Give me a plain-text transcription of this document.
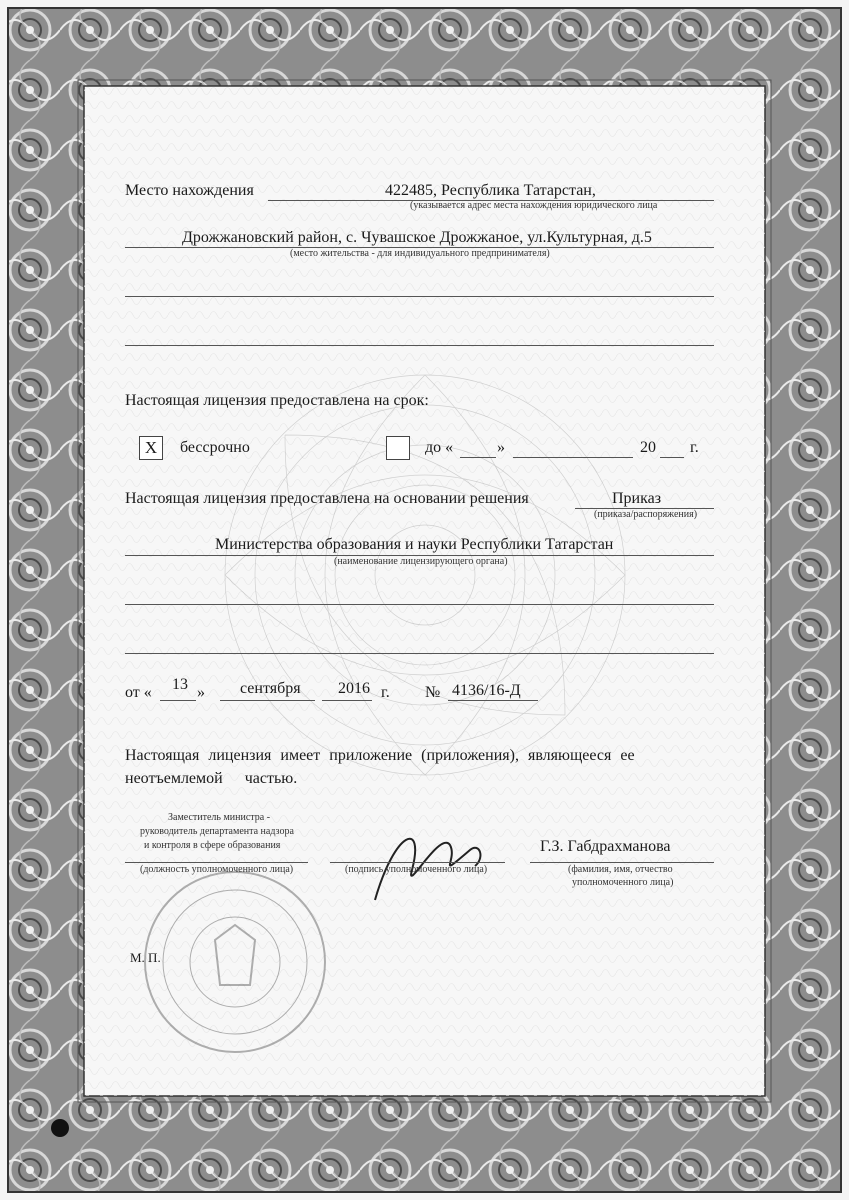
Место нахождения	422485, Республика Татарстан,
(указывается адрес места нахождения юридического лица
Дрожжановский район, с. Чувашское Дрожжаное, ул.Культурная, д.5
(место жительства - для индивидуального предпринимателя)
Настоящая лицензия предоставлена на срок:
X	бессрочно	до «	»	20 г.
Настоящая лицензия предоставлена на основании решения	Приказ
(приказа/распоряжения)
Министерства образования и науки Республики Татарстан
(наименование лицензирующего органа)
от « 13 » сентября 2016 г. № 4136/16-Д
Настоящая лицензия имеет приложение (приложения), являющееся ее
неотъемлемой частью.
Заместитель министра -
руководитель департамента надзора
и контроля в сфере образования
(должность уполномоченного лица)	(подпись уполномоченного лица)
Г.З. Габдрахманова
(фамилия, имя, отчество
уполномоченного лица)
М. П.
